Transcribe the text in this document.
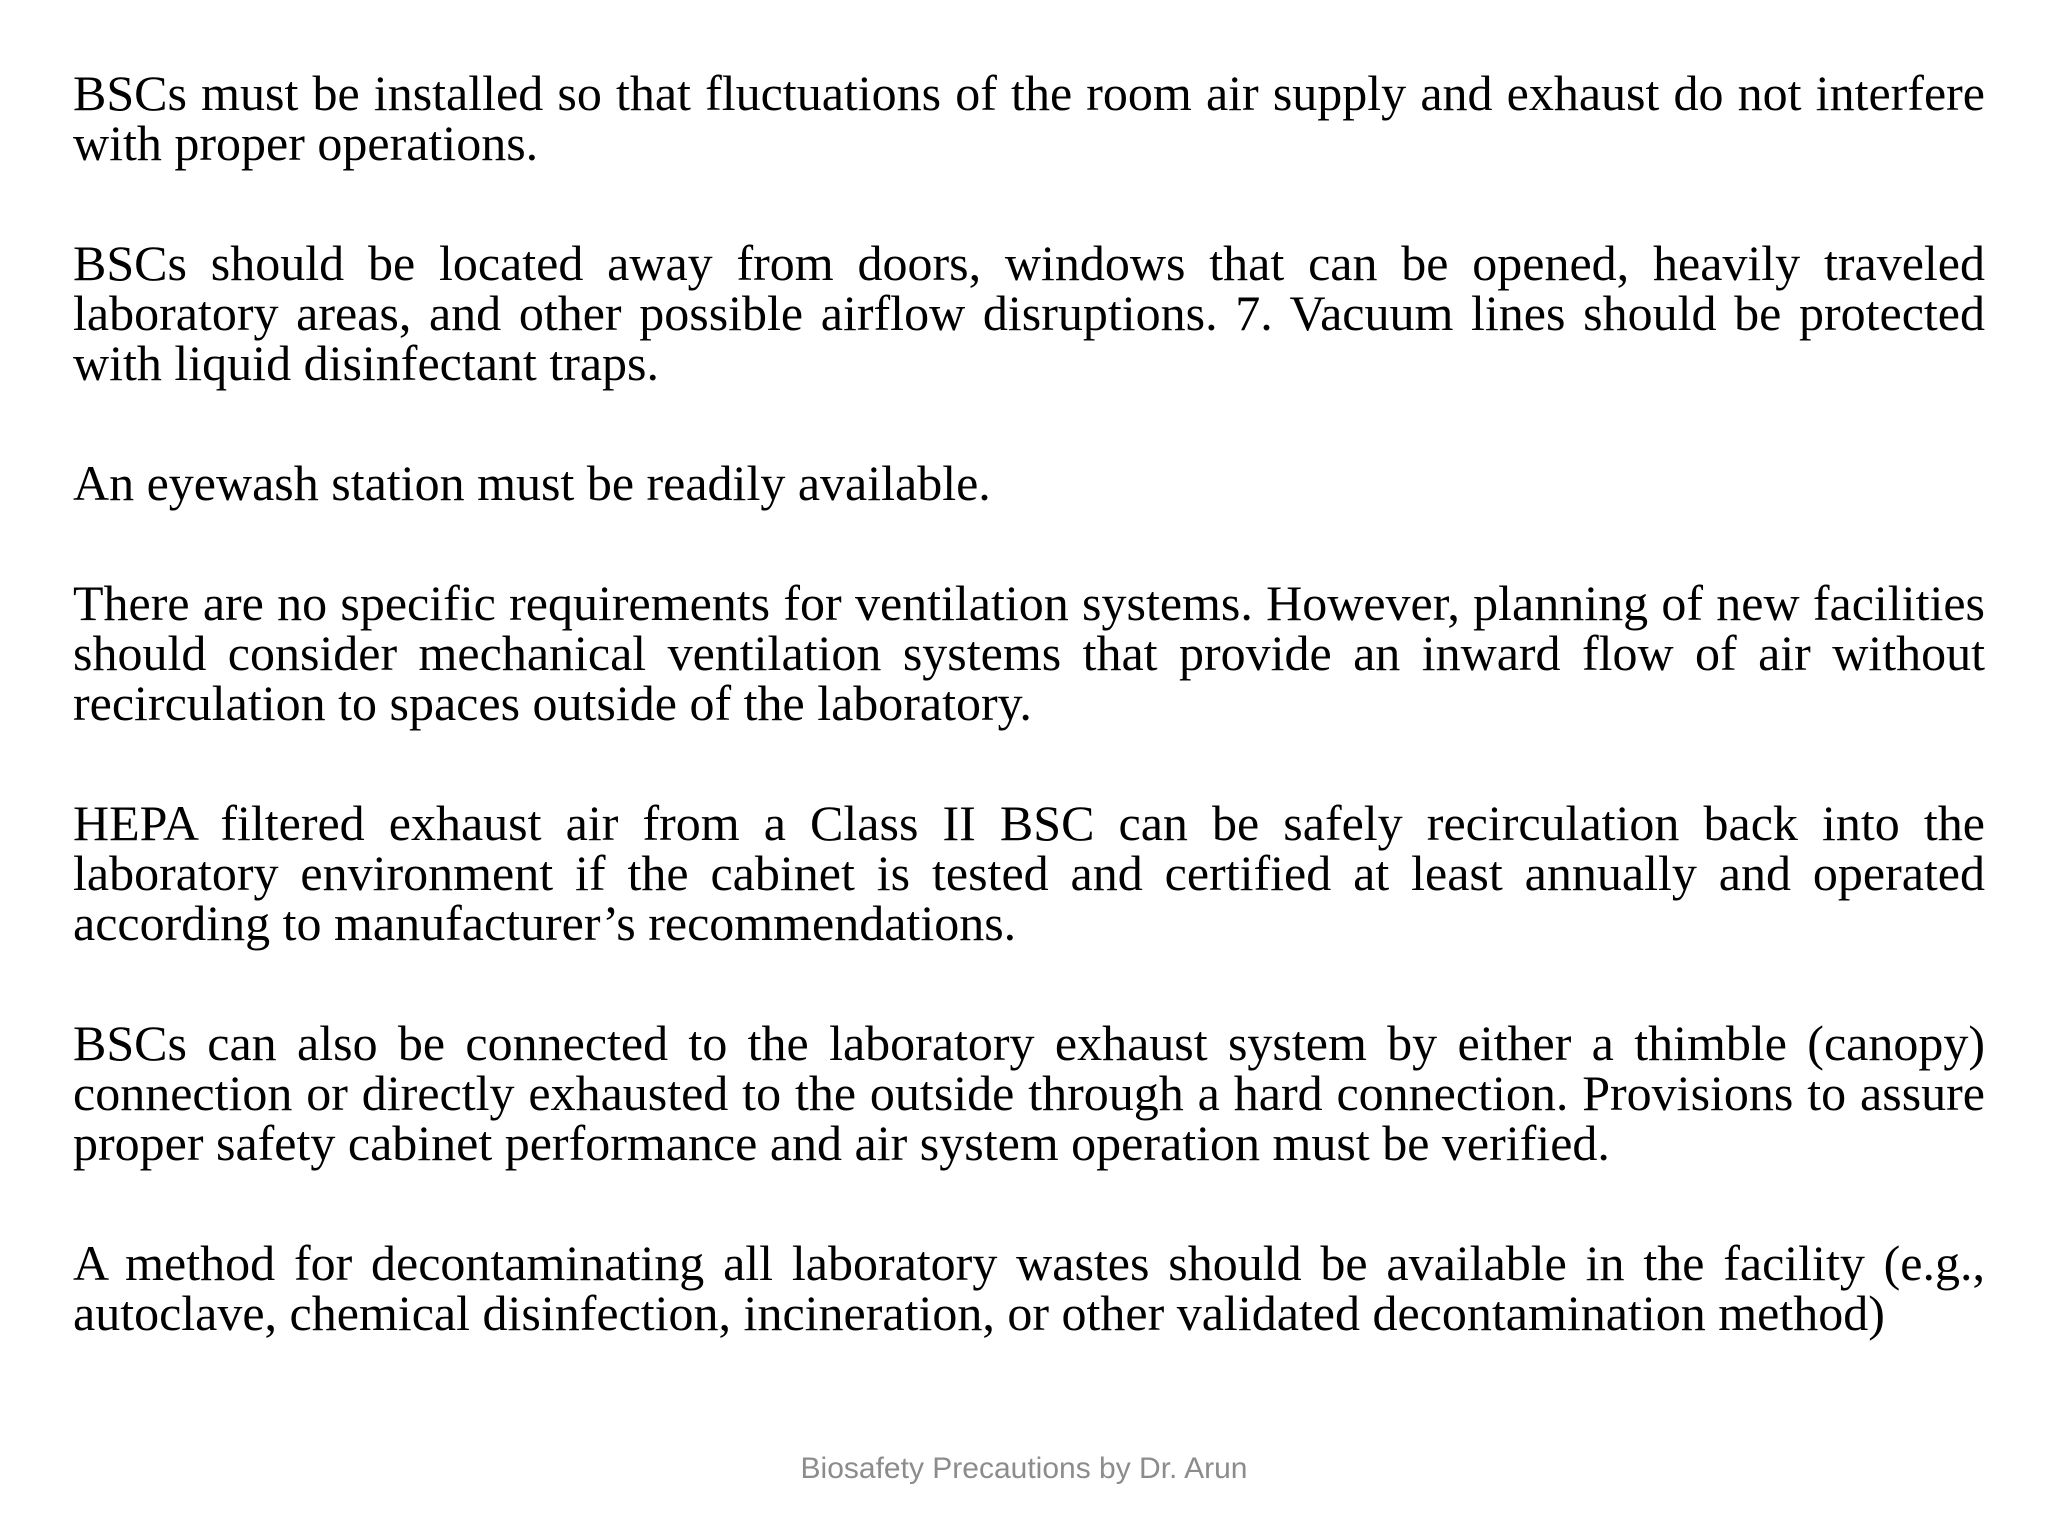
BSCs must be installed so that fluctuations of the room air supply and exhaust do not interfere with proper operations.

BSCs should be located away from doors, windows that can be opened, heavily traveled laboratory areas, and other possible airflow disruptions. 7. Vacuum lines should be protected with liquid disinfectant traps.

An eyewash station must be readily available.

There are no specific requirements for ventilation systems. However, planning of new facilities should consider mechanical ventilation systems that provide an inward flow of air without recirculation to spaces outside of the laboratory.

HEPA filtered exhaust air from a Class II BSC can be safely recirculation back into the laboratory environment if the cabinet is tested and certified at least annually and operated according to manufacturer’s recommendations.

BSCs can also be connected to the laboratory exhaust system by either a thimble (canopy) connection or directly exhausted to the outside through a hard connection. Provisions to assure proper safety cabinet performance and air system operation must be verified.

A method for decontaminating all laboratory wastes should be available in the facility (e.g., autoclave, chemical disinfection, incineration, or other validated decontamination method)

Biosafety Precautions by Dr. Arun
